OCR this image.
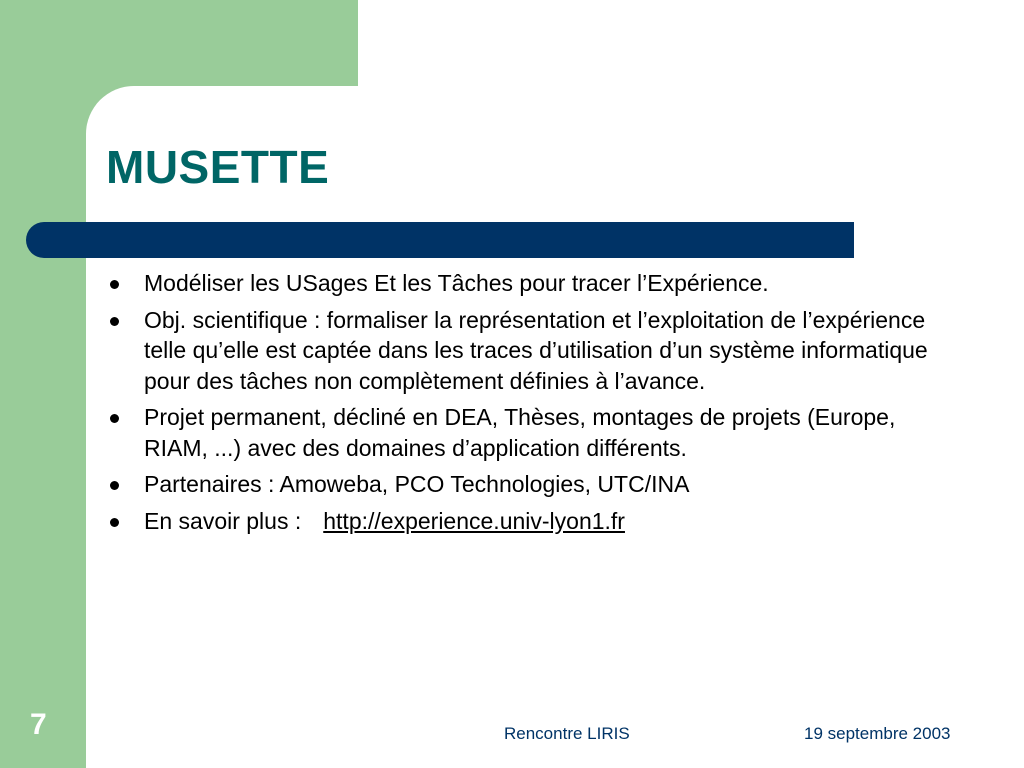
MUSETTE
Modéliser les USages Et les Tâches pour tracer l’Expérience.
Obj. scientifique : formaliser la représentation et l’exploitation de l’expérience telle qu’elle est captée dans les traces d’utilisation d’un système informatique pour des tâches non complètement définies à l’avance.
Projet permanent, décliné en DEA, Thèses, montages de projets (Europe, RIAM, ...) avec des domaines d’application différents.
Partenaires : Amoweba, PCO Technologies, UTC/INA
En savoir plus : http://experience.univ-lyon1.fr
7	Rencontre LIRIS	19 septembre 2003
